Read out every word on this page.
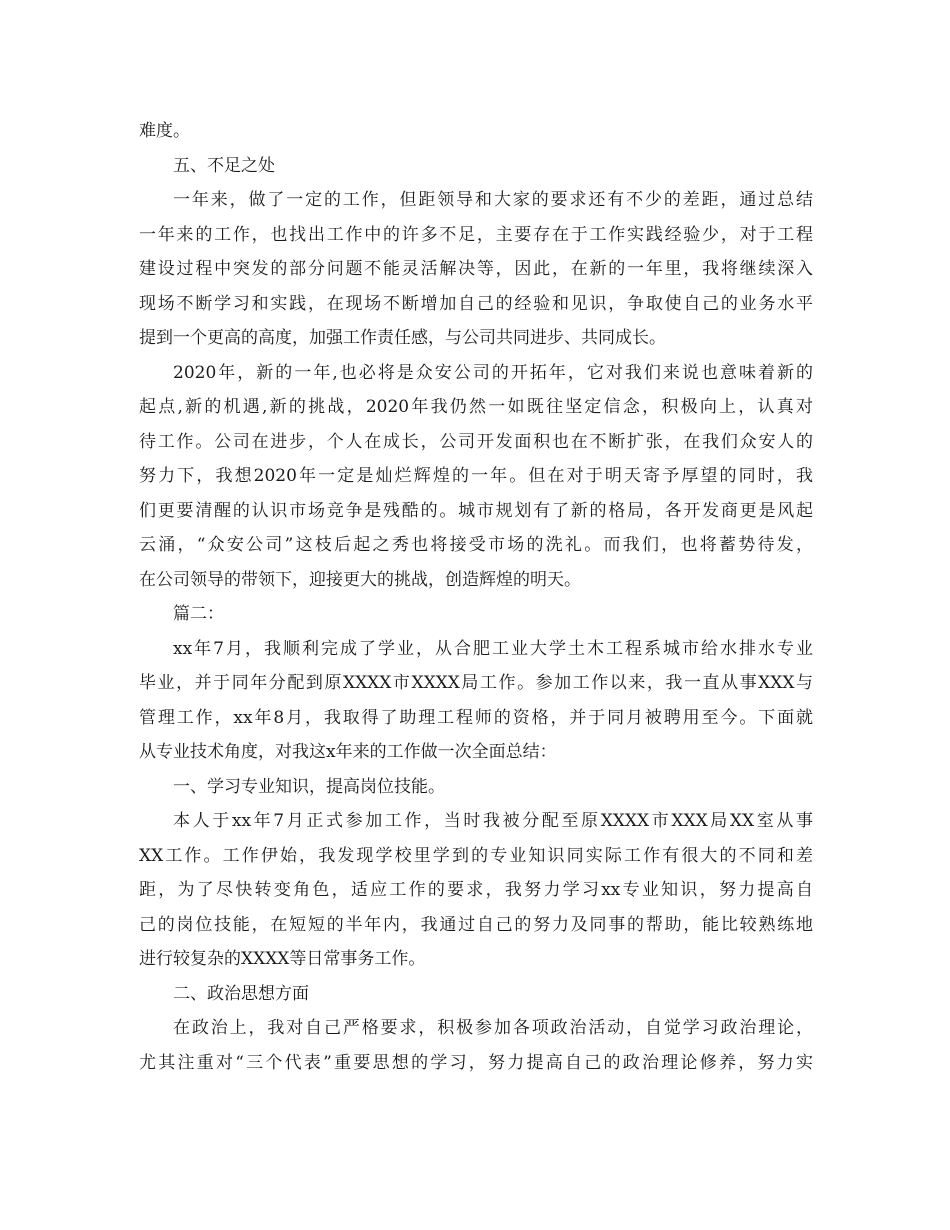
难度。
五、不足之处
一年来，做了一定的工作，但距领导和大家的要求还有不少的差距，通过总结
一年来的工作，也找出工作中的许多不足，主要存在于工作实践经验少，对于工程
建设过程中突发的部分问题不能灵活解决等，因此，在新的一年里，我将继续深入
现场不断学习和实践，在现场不断增加自己的经验和见识，争取使自己的业务水平
提到一个更高的高度，加强工作责任感，与公司共同进步、共同成长。
2020年，新的一年,也必将是众安公司的开拓年，它对我们来说也意味着新的
起点,新的机遇,新的挑战，2020年我仍然一如既往坚定信念，积极向上，认真对
待工作。公司在进步，个人在成长，公司开发面积也在不断扩张，在我们众安人的
努力下，我想2020年一定是灿烂辉煌的一年。但在对于明天寄予厚望的同时，我
们更要清醒的认识市场竞争是残酷的。城市规划有了新的格局，各开发商更是风起
云涌，“众安公司”这枝后起之秀也将接受市场的洗礼。而我们，也将蓄势待发，
在公司领导的带领下，迎接更大的挑战，创造辉煌的明天。
篇二：
xx年7月，我顺利完成了学业，从合肥工业大学土木工程系城市给水排水专业
毕业，并于同年分配到原XXXX市XXXX局工作。参加工作以来，我一直从事XXX与
管理工作，xx年8月，我取得了助理工程师的资格，并于同月被聘用至今。下面就
从专业技术角度，对我这x年来的工作做一次全面总结：
一、学习专业知识，提高岗位技能。
本人于xx年7月正式参加工作，当时我被分配至原XXXX市XXX局XX室从事
XX工作。工作伊始，我发现学校里学到的专业知识同实际工作有很大的不同和差
距，为了尽快转变角色，适应工作的要求，我努力学习xx专业知识，努力提高自
己的岗位技能，在短短的半年内，我通过自己的努力及同事的帮助，能比较熟练地
进行较复杂的XXXX等日常事务工作。
二、政治思想方面
在政治上，我对自己严格要求，积极参加各项政治活动，自觉学习政治理论，
尤其注重对“三个代表”重要思想的学习，努力提高自己的政治理论修养，努力实
